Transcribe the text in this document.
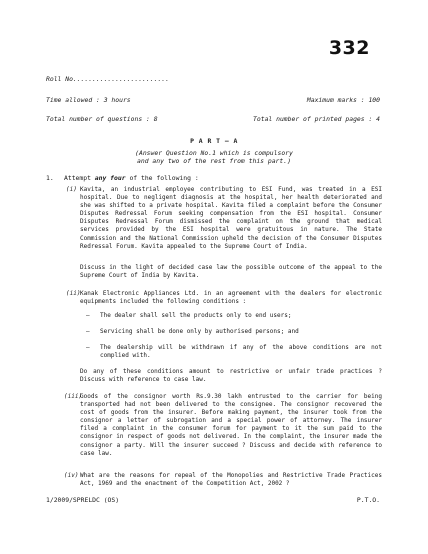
332
Roll No.........................
Time allowed : 3 hours	Maximum marks : 100
Total number of questions : 8	Total number of printed pages : 4
P A R T — A
(Answer Question No.1 which is compulsory
and any two of the rest from this part.)
1. Attempt any four of the following :
(i) Kavita, an industrial employee contributing to ESI Fund, was treated in a ESI hospital. Due to negligent diagnosis at the hospital, her health deteriorated and she was shifted to a private hospital. Kavita filed a complaint before the Consumer Disputes Redressal Forum seeking compensation from the ESI hospital. Consumer Disputes Redressal Forum dismissed the complaint on the ground that medical services provided by the ESI hospital were gratuitous in nature. The State Commission and the National Commission upheld the decision of the Consumer Disputes Redressal Forum. Kavita appealed to the Supreme Court of India.
Discuss in the light of decided case law the possible outcome of the appeal to the Supreme Court of India by Kavita.
(ii) Kanak Electronic Appliances Ltd. in an agreement with the dealers for electronic equipments included the following conditions :
— The dealer shall sell the products only to end users;
— Servicing shall be done only by authorised persons; and
— The dealership will be withdrawn if any of the above conditions are not complied with.
Do any of these conditions amount to restrictive or unfair trade practices ? Discuss with reference to case law.
(iii)
Goods of the consignor worth Rs.9.30 lakh entrusted to the carrier for being transported had not been delivered to the consignee. The consignor recovered the cost of goods from the insurer. Before making payment, the insurer took from the consignor a letter of subrogation and a special power of attorney. The insurer filed a complaint in the consumer forum for payment to it the sum paid to the consignor in respect of goods not delivered. In the complaint, the insurer made the consignor a party. Will the insurer succeed ? Discuss and decide with reference to case law.
(iv) What are the reasons for repeal of the Monopolies and Restrictive Trade Practices Act, 1969 and the enactment of the Competition Act, 2002 ?
1/2009/SPRELDC (OS)	P.T.O.
